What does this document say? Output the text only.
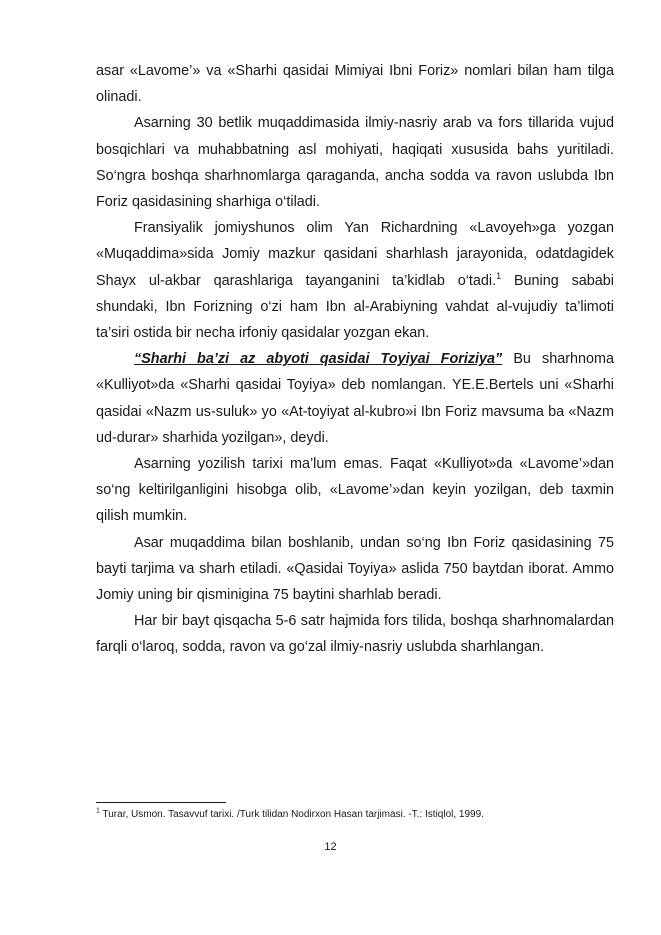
asar «Lavome’» va «Sharhi qasidai Mimiyai Ibni Foriz» nomlari bilan ham tilga olinadi.

Asarning 30 betlik muqaddimasida ilmiy-nasriy arab va fors tillarida vujud bosqichlari va muhabbatning asl mohiyati, haqiqati xususida bahs yuritiladi. So‘ngra boshqa sharhnomlarga qaraganda, ancha sodda va ravon uslubda Ibn Foriz qasidasining sharhiga o‘tiladi.

Fransiyalik jomiyshunos olim Yan Richardning «Lavoyeh»ga yozgan «Muqaddima»sida Jomiy mazkur qasidani sharhlash jarayonida, odatdagidek Shayx ul-akbar qarashlariga tayanganini ta’kidlab o‘tadi.$^1$ Buning sababi shundaki, Ibn Forizning o‘zi ham Ibn al-Arabiyning vahdat al-vujudiy ta’limoti ta’siri ostida bir necha irfoniy qasidalar yozgan ekan.

“Sharhi ba’zi az abyoti qasidai Toyiyai Foriziya” Bu sharhnoma «Kulliyot»da «Sharhi qasidai Toyiya» deb nomlangan. YE.E.Bertels uni «Sharhi qasidai «Nazm us-suluk» yo «At-toyiyat al-kubro»i Ibn Foriz mavsuma ba «Nazm ud-durar» sharhida yozilgan», deydi.

Asarning yozilish tarixi ma’lum emas. Faqat «Kulliyot»da «Lavome’»dan so‘ng keltirilganligini hisobga olib, «Lavome’»dan keyin yozilgan, deb taxmin qilish mumkin.

Asar muqaddima bilan boshlanib, undan so‘ng Ibn Foriz qasidasining 75 bayti tarjima va sharh etiladi. «Qasidai Toyiya» aslida 750 baytdan iborat. Ammo Jomiy uning bir qisminigina 75 baytini sharhlab beradi.

Har bir bayt qisqacha 5-6 satr hajmida fors tilida, boshqa sharhnomalardan farqli o‘laroq, sodda, ravon va go‘zal ilmiy-nasriy uslubda sharhlangan.

$^1$ Turar, Usmon. Tasavvuf tarixi. /Turk tilidan Nodirxon Hasan tarjimasi. -T.: Istiqlol, 1999.
12
